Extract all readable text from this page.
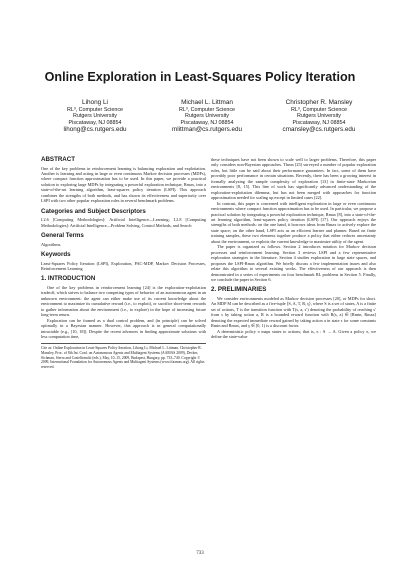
Online Exploration in Least-Squares Policy Iteration
Lihong Li
RL³, Computer Science
Rutgers University
Piscataway, NJ 08854
lihong@cs.rutgers.edu
Michael L. Littman
RL³, Computer Science
Rutgers University
Piscataway, NJ 08854
mlittman@cs.rutgers.edu
Christopher R. Mansley
RL³, Computer Science
Rutgers University
Piscataway, NJ 08854
cmansley@cs.rutgers.edu
ABSTRACT

One of the key problems in reinforcement learning is balancing exploration and exploitation. Another is learning and acting in large or even continuous Markov decision processes (MDPs), where compact function approximation has to be used. In this paper, we provide a practical solution to exploring large MDPs by integrating a powerful exploration technique, Rmax, into a state-of-the-art learning algorithm, least-squares policy iteration (LSPI). This approach combines the strengths of both methods, and has shown its effectiveness and superiority over LSPI with two other popular exploration rules in several benchmark problems.

Categories and Subject Descriptors

I.2.6 [Computing Methodologies]: Artificial Intelligence—Learning; I.2.8 [Computing Methodologies]: Artificial Intelligence—Problem Solving, Control Methods, and Search

General Terms

Algorithms

Keywords

Least-Squares Policy Iteration (LSPI), Exploration, PAC-MDP, Markov Decision Processes, Reinforcement Learning

1. INTRODUCTION

One of the key problems in reinforcement learning [24] is the exploration-exploitation tradeoff, which strives to balance two competing types of behavior of an autonomous agent in an unknown environment: the agent can either make use of its current knowledge about the environment to maximize its cumulative reward (i.e., to exploit), or sacrifice short-term rewards to gather information about the environment (i.e., to explore) in the hope of increasing future long-term return.

Exploration can be framed as a dual control problem, and (in principle) can be solved optimally in a Bayesian manner. However, this approach is in general computationally intractable (e.g., [10, 18]). Despite the recent advances in finding approximate solutions with less computation time,

Cite as: Online Exploration in Least-Squares Policy Iteration, Lihong Li, Michael L. Littman, Christopher R. Mansley, Proc. of 8th Int. Conf. on Autonomous Agents and Multiagent Systems (AAMAS 2009), Decker, Sichman, Sierra and Castelfranchi (eds.), May, 10–15, 2009, Budapest, Hungary, pp. 733–740. Copyright © 2009, International Foundation for Autonomous Agents and Multiagent Systems (www.ifaamas.org). All rights reserved.

these techniques have not been shown to scale well to larger problems. Therefore, this paper only considers non-Bayesian approaches. Thrun [25] surveyed a number of popular exploration rules, but little can be said about their performance guarantees. In fact, some of them have provably poor performance in certain situations. Recently, there has been a growing interest in formally analyzing the sample complexity of exploration [13] in finite-state Markovian environments [8, 15]. This line of work has significantly advanced understanding of the exploration-exploitation dilemma, but has not been merged with approaches for function approximation needed for scaling up except in limited cases [22].

In contrast, this paper is concerned with intelligent exploration in large or even continuous environments where compact function approximation has to be used. In particular, we propose a practical solution by integrating a powerful exploration technique, Rmax [8], into a state-of-the-art learning algorithm, least-squares policy iteration (LSPI) [17]. Our approach enjoys the strengths of both methods: on the one hand, it borrows ideas from Rmax to actively explore the state space; on the other hand, LSPI acts as an efficient learner and planner. Based on finite training samples, these two elements together produce a policy that either reduces uncertainty about the environment, or exploits the current knowledge to maximize utility of the agent.

The paper is organized as follows. Section 2 introduces notation for Markov decision processes and reinforcement learning. Section 3 reviews LSPI and a few representative exploration strategies in the literature. Section 4 studies exploration in large state spaces, and proposes the LSPI-Rmax algorithm. We briefly discuss a few implementation issues and also relate this algorithm to several existing works. The effectiveness of our approach is then demonstrated in a series of experiments on four benchmark RL problems in Section 5. Finally, we conclude the paper in Section 6.

2. PRELIMINARIES

We consider environments modeled as Markov decision processes [20], or MDPs for short. An MDP M can be described as a five-tuple ⟨S, A, T, R, γ⟩, where S is a set of states, A is a finite set of actions, T is the transition function with T(s, a, s′) denoting the probability of reaching s′ from s by taking action a, R is a bounded reward function with R(s, a) ∈ [Rmin, Rmax] denoting the expected immediate reward gained by taking action a in state s for some constants Rmin and Rmax, and γ ∈ [0, 1) is a discount factor.

A deterministic policy π maps states to actions; that is, π : S → A. Given a policy π, we define the state-value

733
